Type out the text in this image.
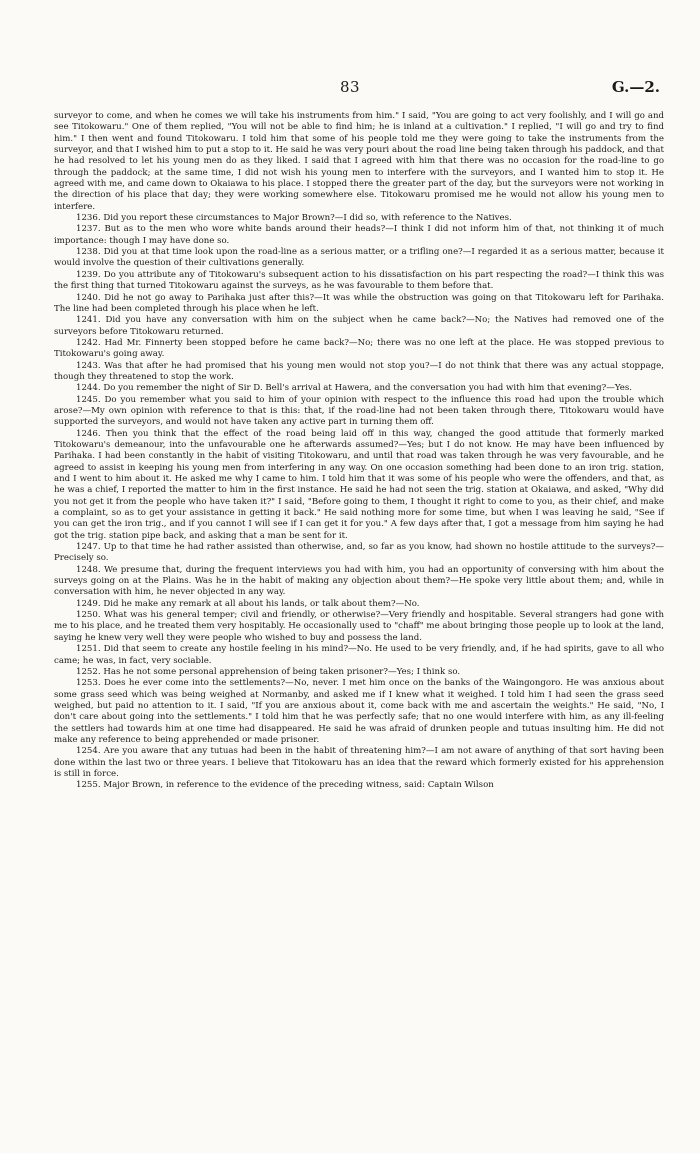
83	G.—2.

surveyor to come, and when he comes we will take his instruments from him." I said, "You are going to act very foolishly, and I will go and see Titokowaru." One of them replied, "You will not be able to find him; he is inland at a cultivation." I replied, "I will go and try to find him." I then went and found Titokowaru. I told him that some of his people told me they were going to take the instruments from the surveyor, and that I wished him to put a stop to it. He said he was very pouri about the road line being taken through his paddock, and that he had resolved to let his young men do as they liked. I said that I agreed with him that there was no occasion for the road-line to go through the paddock; at the same time, I did not wish his young men to interfere with the surveyors, and I wanted him to stop it. He agreed with me, and came down to Okaiawa to his place. I stopped there the greater part of the day, but the surveyors were not working in the direction of his place that day; they were working somewhere else. Titokowaru promised me he would not allow his young men to interfere.

1236. Did you report these circumstances to Major Brown?—I did so, with reference to the Natives.

1237. But as to the men who wore white bands around their heads?—I think I did not inform him of that, not thinking it of much importance: though I may have done so.

1238. Did you at that time look upon the road-line as a serious matter, or a trifling one?—I regarded it as a serious matter, because it would involve the question of their cultivations generally.

1239. Do you attribute any of Titokowaru's subsequent action to his dissatisfaction on his part respecting the road?—I think this was the first thing that turned Titokowaru against the surveys, as he was favourable to them before that.

1240. Did he not go away to Parihaka just after this?—It was while the obstruction was going on that Titokowaru left for Parihaka. The line had been completed through his place when he left.

1241. Did you have any conversation with him on the subject when he came back?—No; the Natives had removed one of the surveyors before Titokowaru returned.

1242. Had Mr. Finnerty been stopped before he came back?—No; there was no one left at the place. He was stopped previous to Titokowaru's going away.

1243. Was that after he had promised that his young men would not stop you?—I do not think that there was any actual stoppage, though they threatened to stop the work.

1244. Do you remember the night of Sir D. Bell's arrival at Hawera, and the conversation you had with him that evening?—Yes.

1245. Do you remember what you said to him of your opinion with respect to the influence this road had upon the trouble which arose?—My own opinion with reference to that is this: that, if the road-line had not been taken through there, Titokowaru would have supported the surveyors, and would not have taken any active part in turning them off.

1246. Then you think that the effect of the road being laid off in this way, changed the good attitude that formerly marked Titokowaru's demeanour, into the unfavourable one he afterwards assumed?—Yes; but I do not know. He may have been influenced by Parihaka. I had been constantly in the habit of visiting Titokowaru, and until that road was taken through he was very favourable, and he agreed to assist in keeping his young men from interfering in any way. On one occasion something had been done to an iron trig. station, and I went to him about it. He asked me why I came to him. I told him that it was some of his people who were the offenders, and that, as he was a chief, I reported the matter to him in the first instance. He said he had not seen the trig. station at Okaiawa, and asked, "Why did you not get it from the people who have taken it?" I said, "Before going to them, I thought it right to come to you, as their chief, and make a complaint, so as to get your assistance in getting it back." He said nothing more for some time, but when I was leaving he said, "See if you can get the iron trig., and if you cannot I will see if I can get it for you." A few days after that, I got a message from him saying he had got the trig. station pipe back, and asking that a man be sent for it.

1247. Up to that time he had rather assisted than otherwise, and, so far as you know, had shown no hostile attitude to the surveys?—Precisely so.

1248. We presume that, during the frequent interviews you had with him, you had an opportunity of conversing with him about the surveys going on at the Plains. Was he in the habit of making any objection about them?—He spoke very little about them; and, while in conversation with him, he never objected in any way.

1249. Did he make any remark at all about his lands, or talk about them?—No.

1250. What was his general temper; civil and friendly, or otherwise?—Very friendly and hospitable. Several strangers had gone with me to his place, and he treated them very hospitably. He occasionally used to "chaff" me about bringing those people up to look at the land, saying he knew very well they were people who wished to buy and possess the land.

1251. Did that seem to create any hostile feeling in his mind?—No. He used to be very friendly, and, if he had spirits, gave to all who came; he was, in fact, very sociable.

1252. Has he not some personal apprehension of being taken prisoner?—Yes; I think so.

1253. Does he ever come into the settlements?—No, never. I met him once on the banks of the Waingongoro. He was anxious about some grass seed which was being weighed at Normanby, and asked me if I knew what it weighed. I told him I had seen the grass seed weighed, but paid no attention to it. I said, "If you are anxious about it, come back with me and ascertain the weights." He said, "No, I don't care about going into the settlements." I told him that he was perfectly safe; that no one would interfere with him, as any ill-feeling the settlers had towards him at one time had disappeared. He said he was afraid of drunken people and tutuas insulting him. He did not make any reference to being apprehended or made prisoner.

1254. Are you aware that any tutuas had been in the habit of threatening him?—I am not aware of anything of that sort having been done within the last two or three years. I believe that Titokowaru has an idea that the reward which formerly existed for his apprehension is still in force.

1255. Major Brown, in reference to the evidence of the preceding witness, said: Captain Wilson
